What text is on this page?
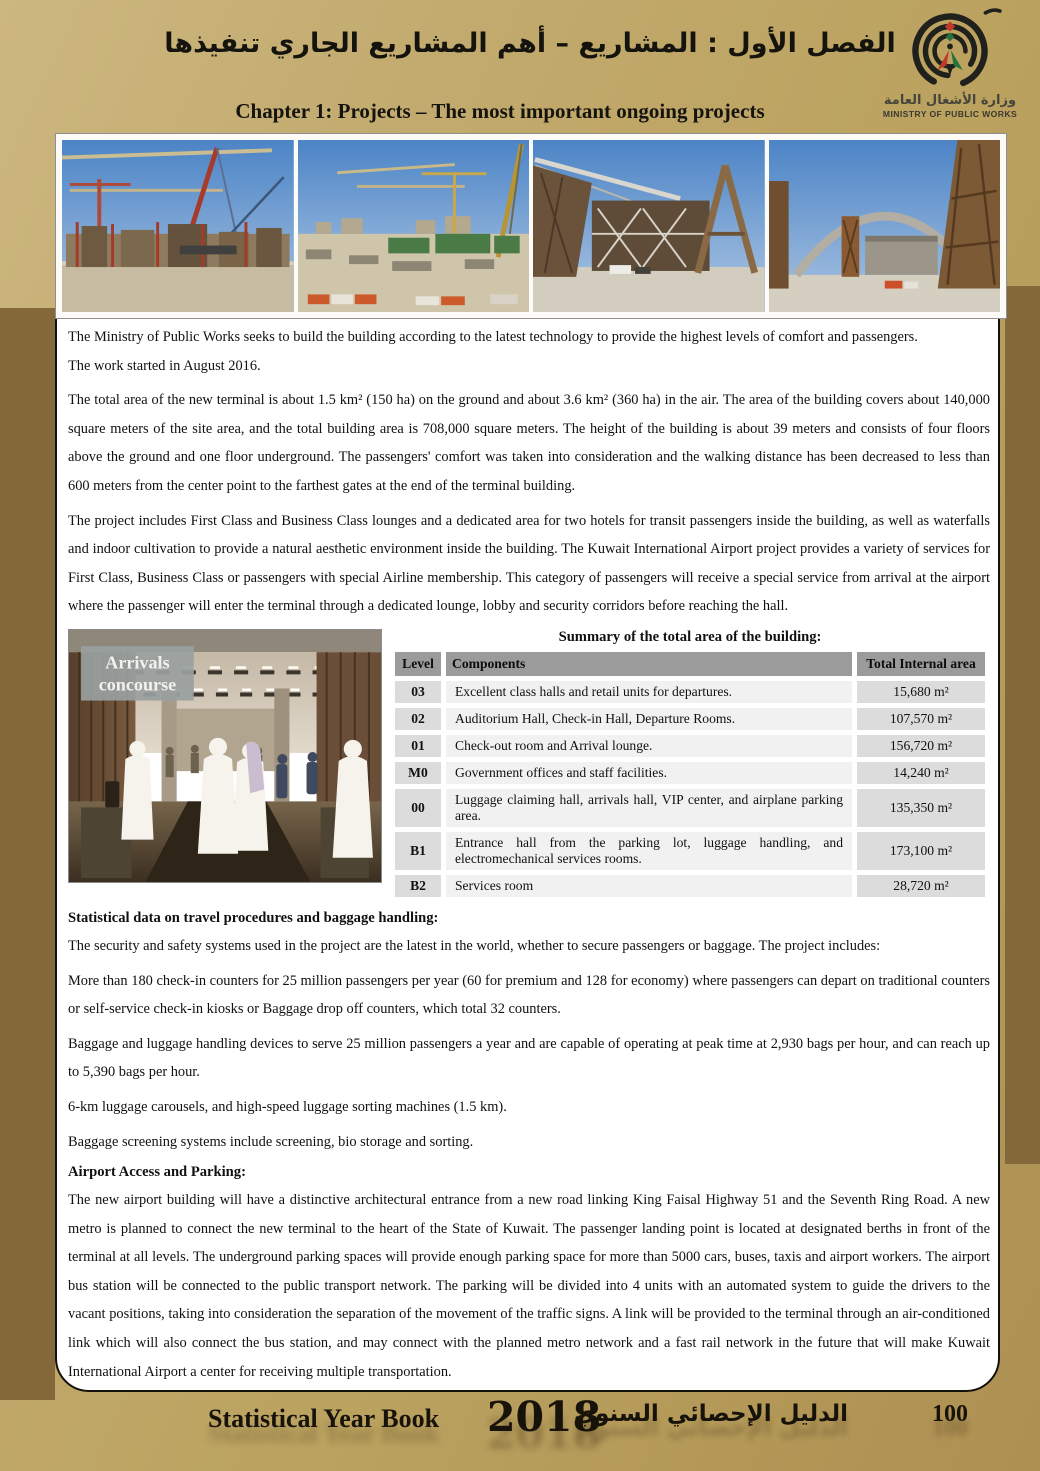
الفصل الأول : المشاريع – أهم المشاريع الجاري تنفيذها
Chapter 1: Projects – The most important ongoing projects	وزارة الأشغال العامة
MINISTRY OF PUBLIC WORKS

The Ministry of Public Works seeks to build the building according to the latest technology to provide the highest levels of comfort and passengers.

The work started in August 2016.

The total area of the new terminal is about 1.5 km² (150 ha) on the ground and about 3.6 km² (360 ha) in the air. The area of the building covers about 140,000 square meters of the site area, and the total building area is 708,000 square meters. The height of the building is about 39 meters and consists of four floors above the ground and one floor underground. The passengers' comfort was taken into consideration and the walking distance has been decreased to less than 600 meters from the center point to the farthest gates at the end of the terminal building.

The project includes First Class and Business Class lounges and a dedicated area for two hotels for transit passengers inside the building, as well as waterfalls and indoor cultivation to provide a natural aesthetic environment inside the building. The Kuwait International Airport project provides a variety of services for First Class, Business Class or passengers with special Airline membership. This category of passengers will receive a special service from arrival at the airport where the passenger will enter the terminal through a dedicated lounge, lobby and security corridors before reaching the hall.

Arrivals
concourse
Summary of the total area of the building:
Level	Components	Total Internal area
03	Excellent class halls and retail units for departures.	15,680 m²
02	Auditorium Hall, Check-in Hall, Departure Rooms.	107,570 m²
01	Check-out room and Arrival lounge.	156,720 m²
M0	Government offices and staff facilities.	14,240 m²
00	Luggage claiming hall, arrivals hall, VIP center, and airplane parking area.	135,350 m²
B1	Entrance hall from the parking lot, luggage handling, and electromechanical services rooms.	173,100 m²
B2	Services room	28,720 m²
Statistical data on travel procedures and baggage handling:

The security and safety systems used in the project are the latest in the world, whether to secure passengers or baggage. The project includes:

More than 180 check-in counters for 25 million passengers per year (60 for premium and 128 for economy) where passengers can depart on traditional counters or self-service check-in kiosks or Baggage drop off counters, which total 32 counters.

Baggage and luggage handling devices to serve 25 million passengers a year and are capable of operating at peak time at 2,930 bags per hour, and can reach up to 5,390 bags per hour.

6-km luggage carousels, and high-speed luggage sorting machines (1.5 km).

Baggage screening systems include screening, bio storage and sorting.

Airport Access and Parking:

The new airport building will have a distinctive architectural entrance from a new road linking King Faisal Highway 51 and the Seventh Ring Road. A new metro is planned to connect the new terminal to the heart of the State of Kuwait. The passenger landing point is located at designated berths in front of the terminal at all levels. The underground parking spaces will provide enough parking space for more than 5000 cars, buses, taxis and airport workers. The airport bus station will be connected to the public transport network. The parking will be divided into 4 units with an automated system to guide the drivers to the vacant positions, taking into consideration the separation of the movement of the traffic signs. A link will be provided to the terminal through an air-conditioned link which will also connect the bus station, and may connect with the planned metro network and a fast rail network in the future that will make Kuwait International Airport a center for receiving multiple transportation.

Statistical Year Book 2018
الدليل الإحصائي السنوي	100
